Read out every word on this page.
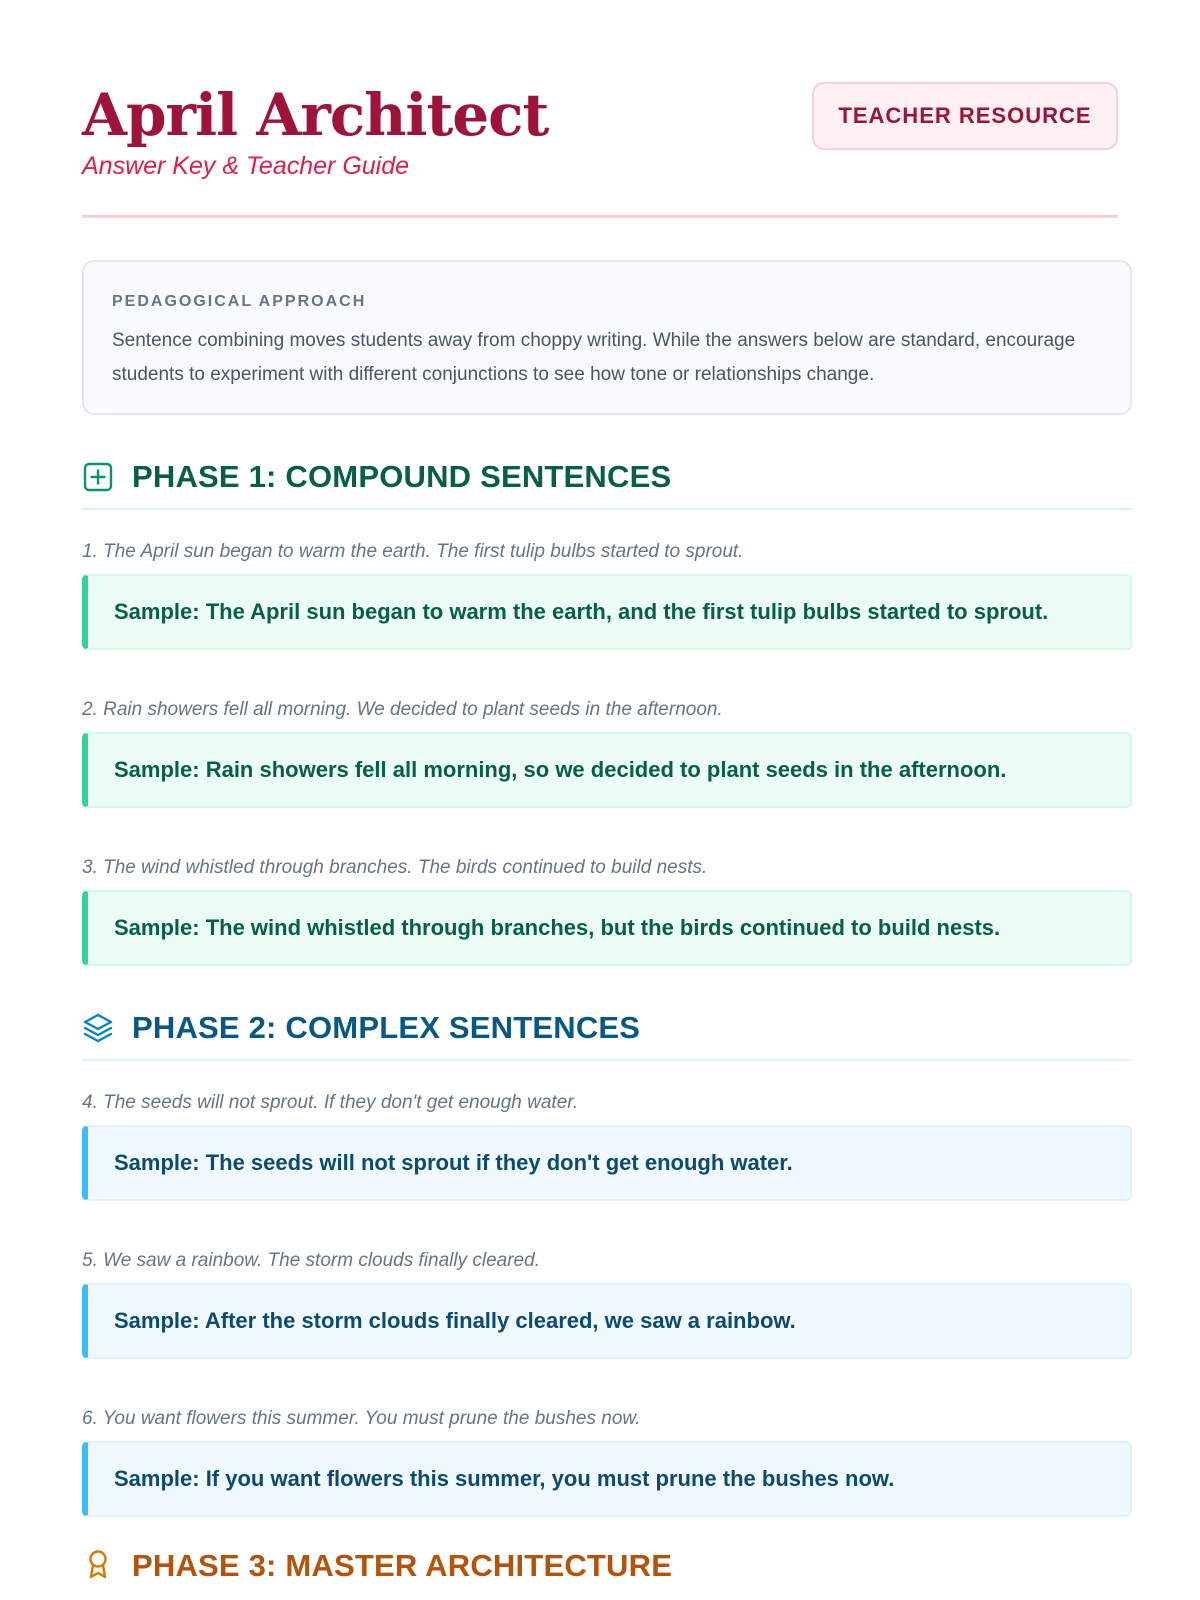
April Architect
Answer Key & Teacher Guide
TEACHER RESOURCE
PEDAGOGICAL APPROACH
Sentence combining moves students away from choppy writing. While the answers below are standard, encourage students to experiment with different conjunctions to see how tone or relationships change.
PHASE 1: COMPOUND SENTENCES
1. The April sun began to warm the earth. The first tulip bulbs started to sprout.
Sample: The April sun began to warm the earth, and the first tulip bulbs started to sprout.
2. Rain showers fell all morning. We decided to plant seeds in the afternoon.
Sample: Rain showers fell all morning, so we decided to plant seeds in the afternoon.
3. The wind whistled through branches. The birds continued to build nests.
Sample: The wind whistled through branches, but the birds continued to build nests.
PHASE 2: COMPLEX SENTENCES
4. The seeds will not sprout. If they don't get enough water.
Sample: The seeds will not sprout if they don't get enough water.
5. We saw a rainbow. The storm clouds finally cleared.
Sample: After the storm clouds finally cleared, we saw a rainbow.
6. You want flowers this summer. You must prune the bushes now.
Sample: If you want flowers this summer, you must prune the bushes now.
PHASE 3: MASTER ARCHITECTURE
